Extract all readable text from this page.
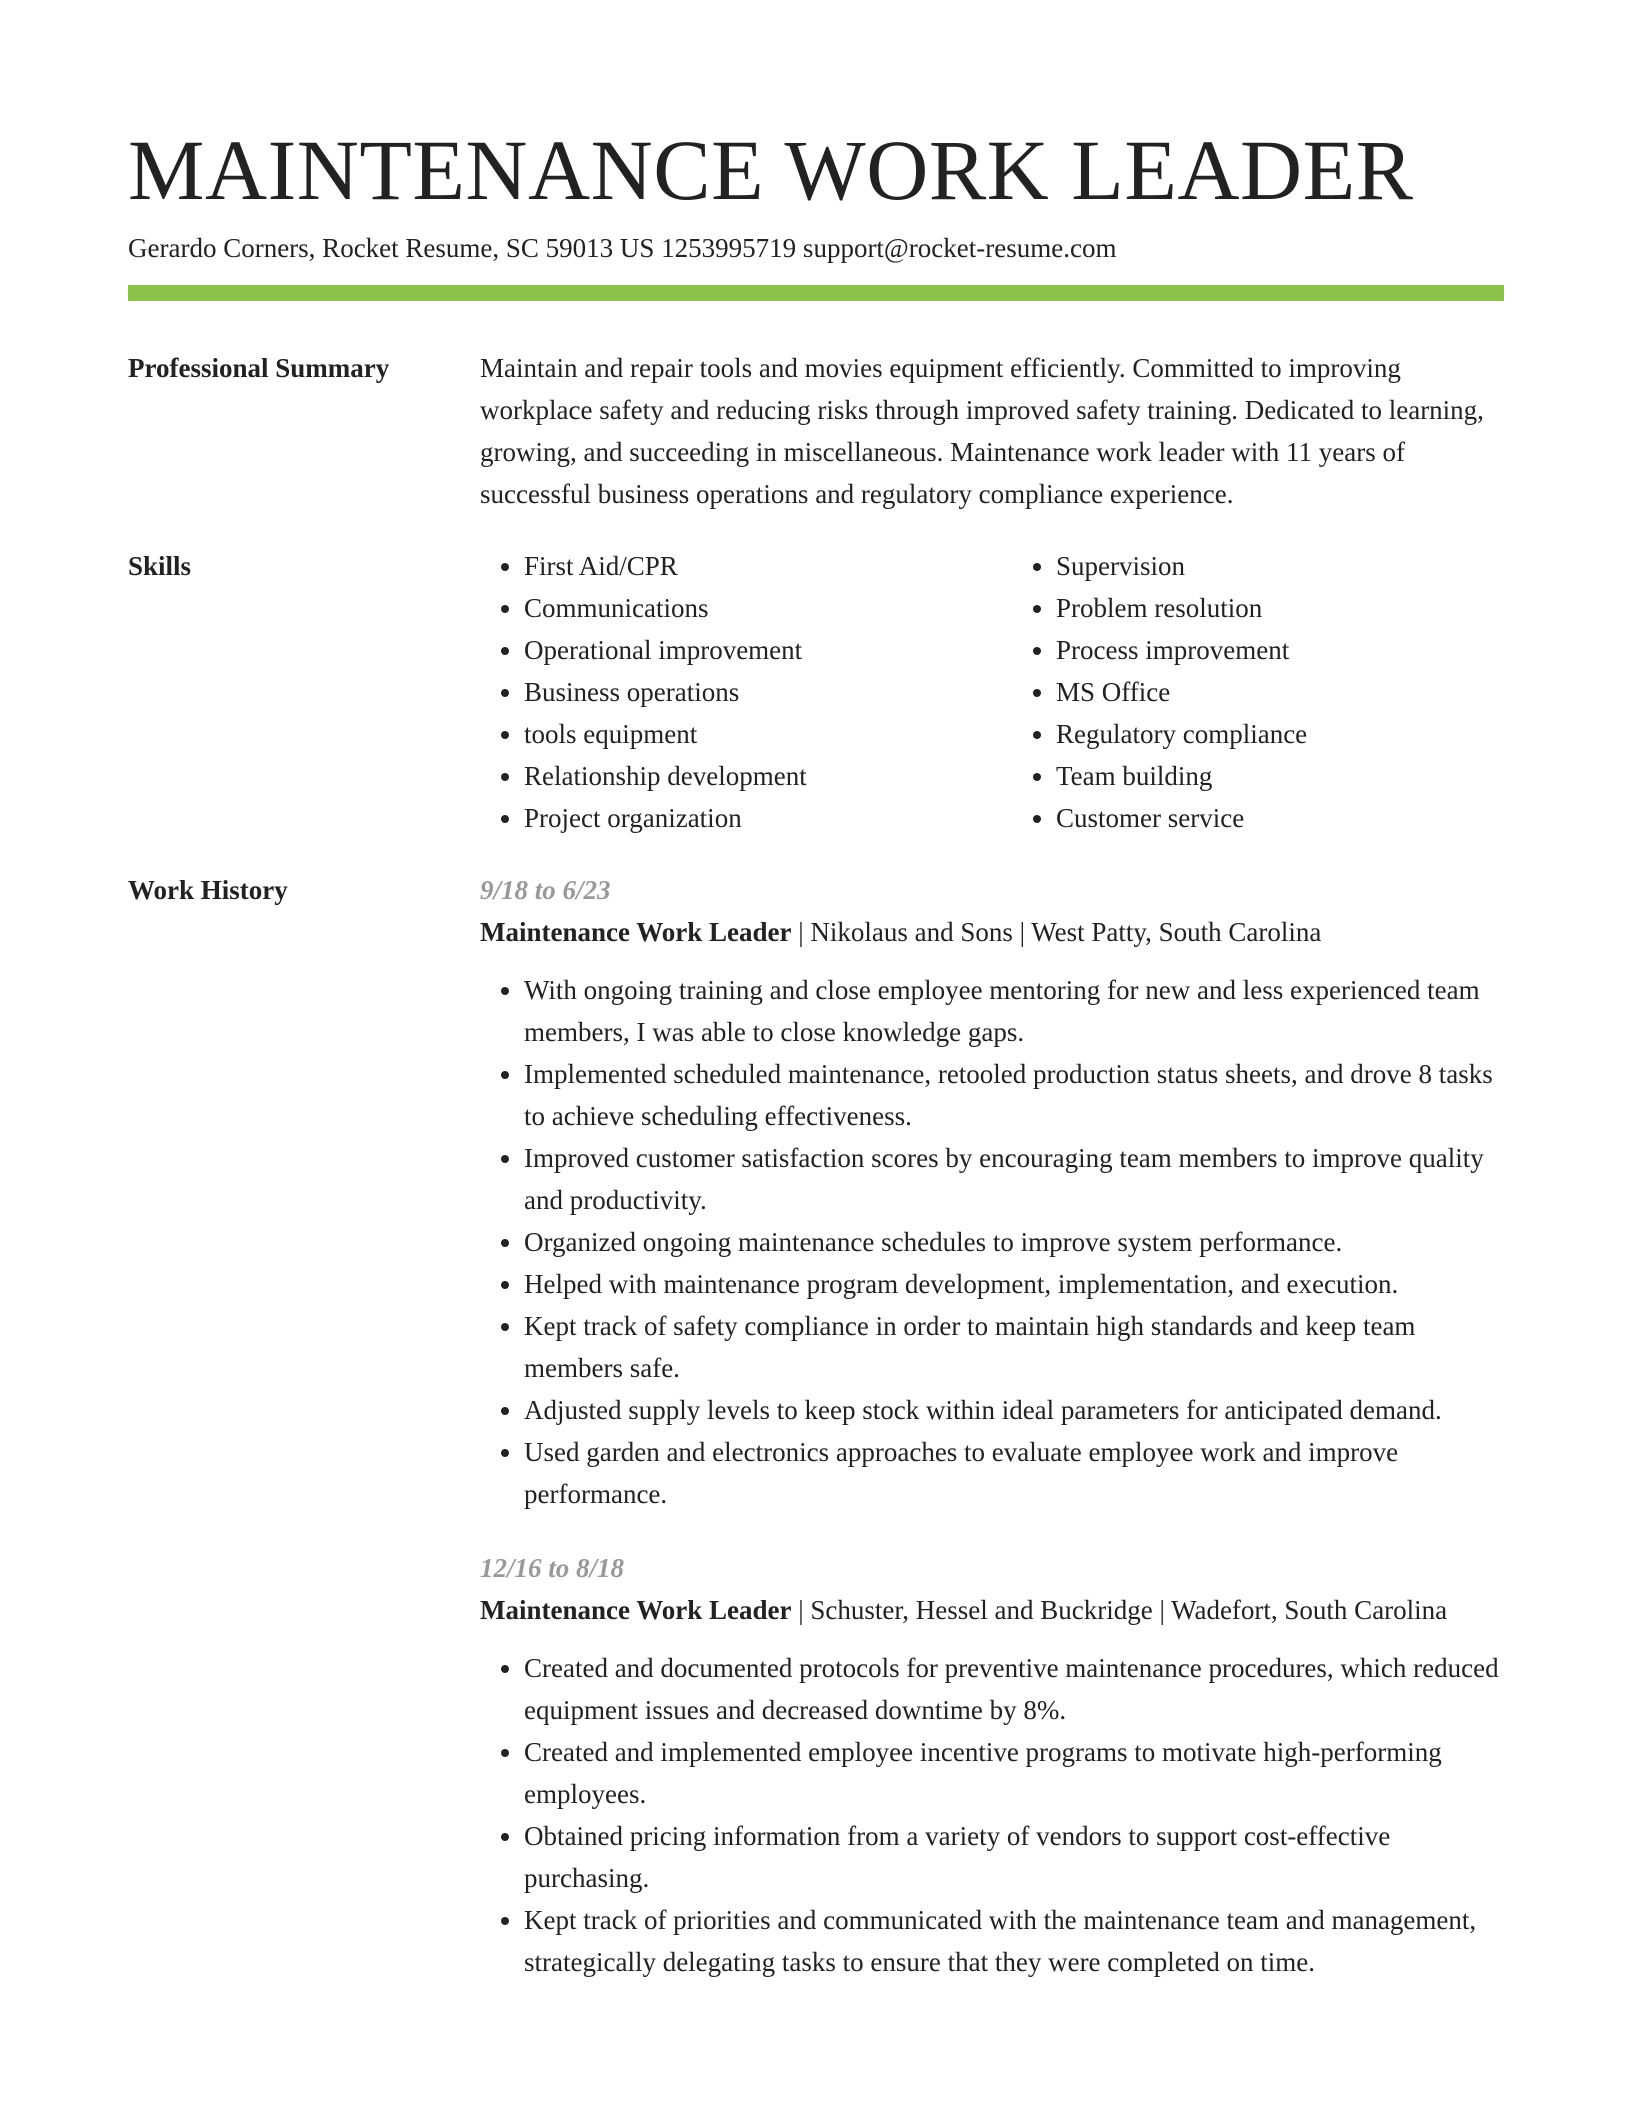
MAINTENANCE WORK LEADER
Gerardo Corners, Rocket Resume, SC 59013 US 1253995719 support@rocket-resume.com
Professional Summary	Maintain and repair tools and movies equipment efficiently. Committed to improving workplace safety and reducing risks through improved safety training. Dedicated to learning, growing, and succeeding in miscellaneous. Maintenance work leader with 11 years of successful business operations and regulatory compliance experience.

Skills
•	First Aid/CPR
• Communications
• Operational improvement
• Business operations
• tools equipment
• Relationship development
• Project organization
• Supervision
• Problem resolution
• Process improvement
• MS Office
• Regulatory compliance
• Team building
• Customer service
Work History	9/18 to 6/23
Maintenance Work Leader | Nikolaus and Sons | West Patty, South Carolina
• With ongoing training and close employee mentoring for new and less experienced team members, I was able to close knowledge gaps.
• Implemented scheduled maintenance, retooled production status sheets, and drove 8 tasks to achieve scheduling effectiveness.
• Improved customer satisfaction scores by encouraging team members to improve quality and productivity.
• Organized ongoing maintenance schedules to improve system performance.
• Helped with maintenance program development, implementation, and execution.
• Kept track of safety compliance in order to maintain high standards and keep team members safe.
• Adjusted supply levels to keep stock within ideal parameters for anticipated demand.
• Used garden and electronics approaches to evaluate employee work and improve performance.
12/16 to 8/18
Maintenance Work Leader | Schuster, Hessel and Buckridge | Wadefort, South Carolina
• Created and documented protocols for preventive maintenance procedures, which reduced equipment issues and decreased downtime by 8%.
• Created and implemented employee incentive programs to motivate high-performing employees.
• Obtained pricing information from a variety of vendors to support cost-effective purchasing.
• Kept track of priorities and communicated with the maintenance team and management, strategically delegating tasks to ensure that they were completed on time.
